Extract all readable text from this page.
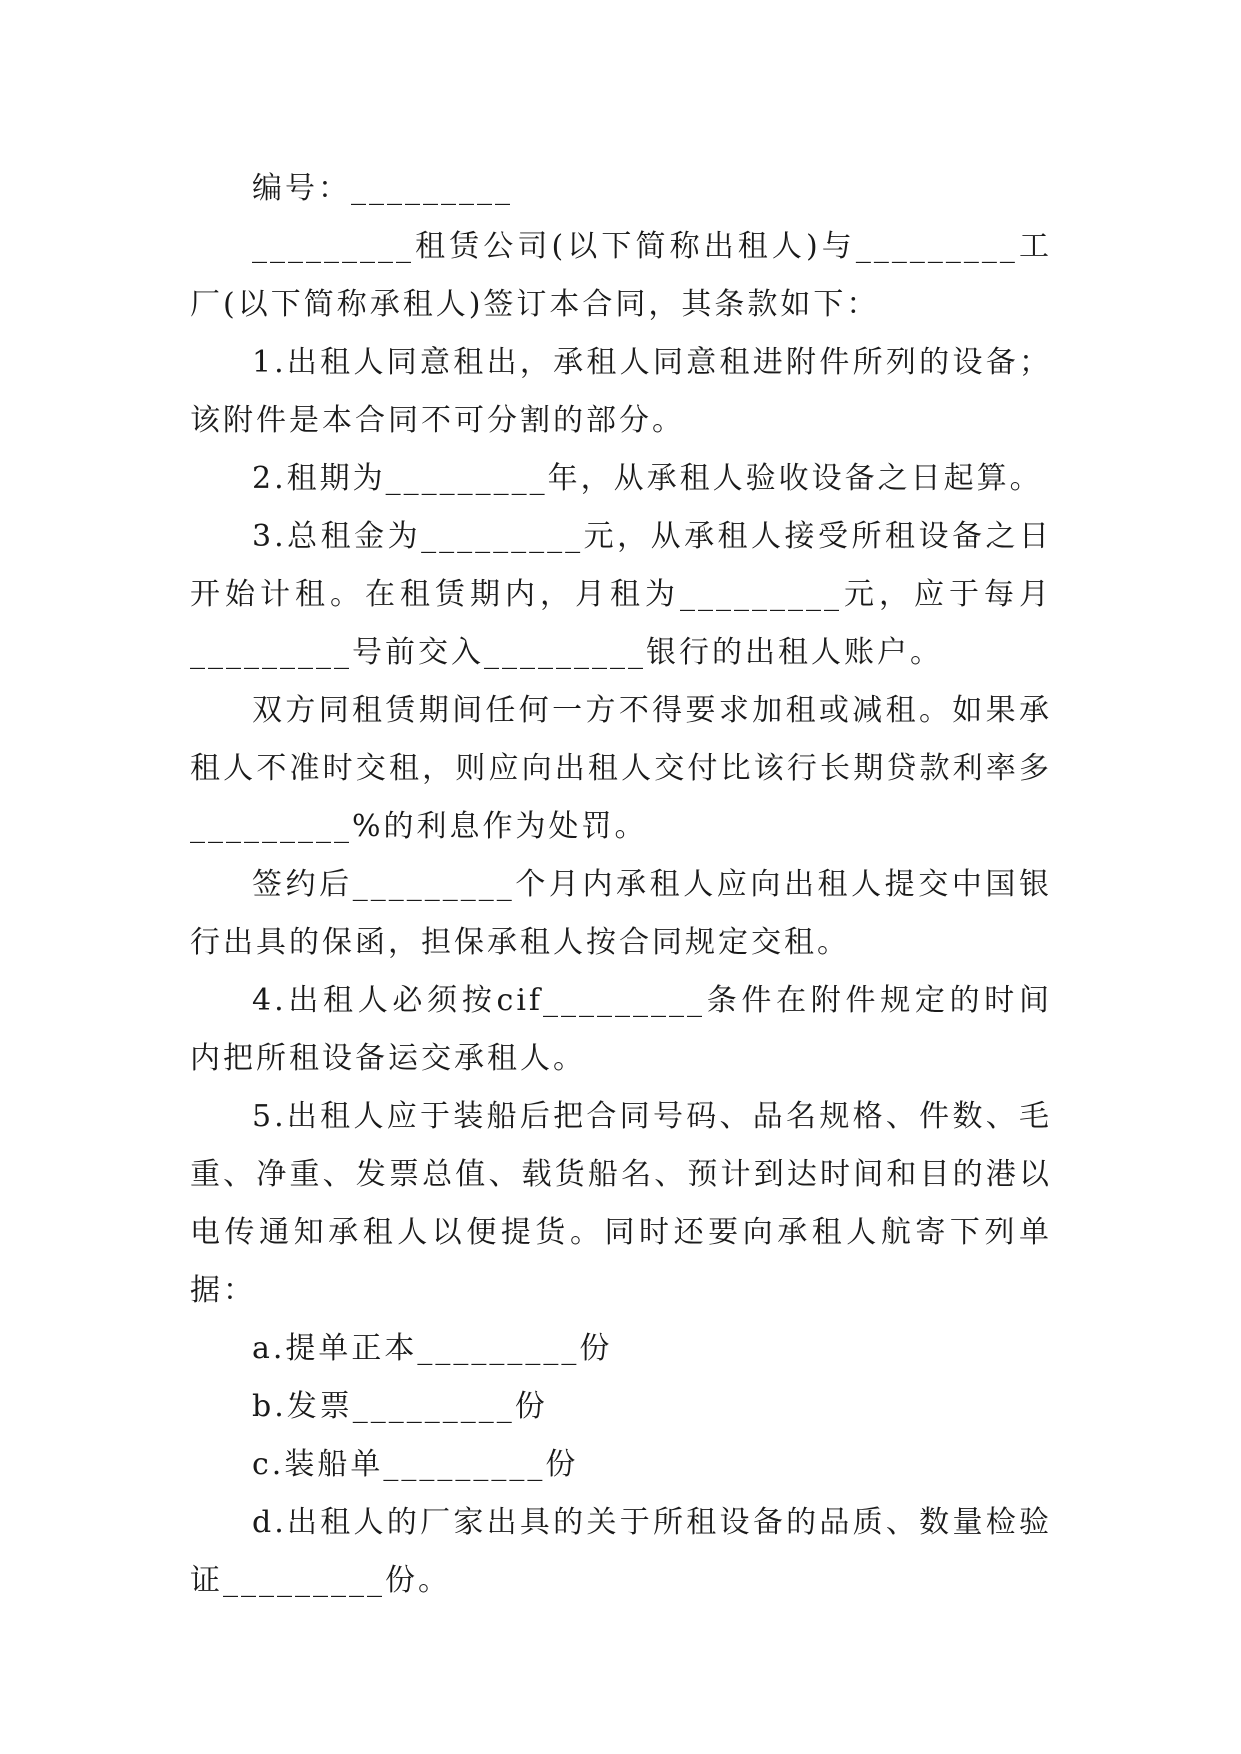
编号：_________

_________租赁公司(以下简称出租人)与_________工厂(以下简称承租人)签订本合同，其条款如下：

1.出租人同意租出，承租人同意租进附件所列的设备；该附件是本合同不可分割的部分。

2.租期为_________年，从承租人验收设备之日起算。

3.总租金为_________元，从承租人接受所租设备之日开始计租。在租赁期内，月租为_________元，应于每月_________号前交入_________银行的出租人账户。

双方同租赁期间任何一方不得要求加租或减租。如果承租人不准时交租，则应向出租人交付比该行长期贷款利率多_________%的利息作为处罚。

签约后_________个月内承租人应向出租人提交中国银行出具的保函，担保承租人按合同规定交租。

4.出租人必须按cif_________条件在附件规定的时间内把所租设备运交承租人。

5.出租人应于装船后把合同号码、品名规格、件数、毛重、净重、发票总值、载货船名、预计到达时间和目的港以电传通知承租人以便提货。同时还要向承租人航寄下列单据：

a.提单正本_________份

b.发票_________份

c.装船单_________份

d.出租人的厂家出具的关于所租设备的品质、数量检验证_________份。
